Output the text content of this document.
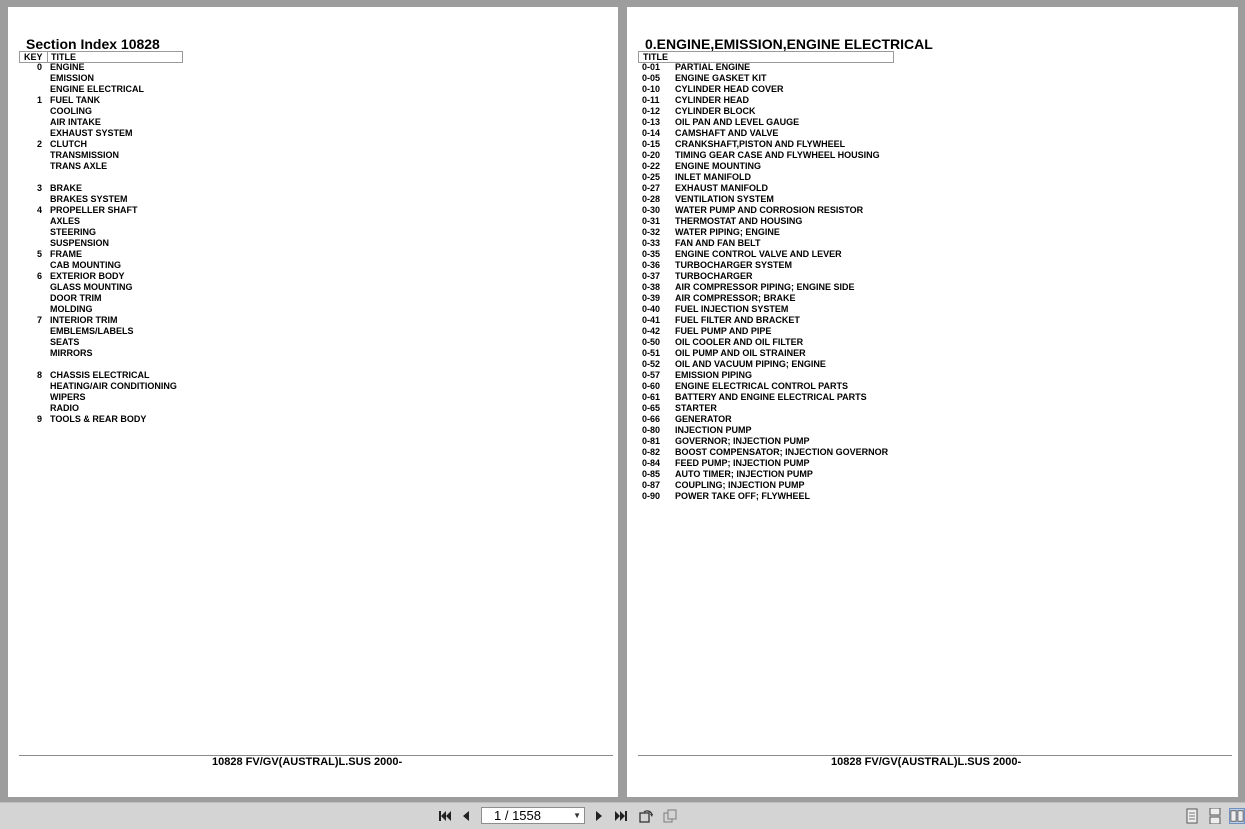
Section Index 10828
KEY TITLE
0 ENGINE
EMISSION
ENGINE ELECTRICAL
1 FUEL TANK
COOLING
AIR INTAKE
EXHAUST SYSTEM
2 CLUTCH
TRANSMISSION
TRANS AXLE
3 BRAKE
BRAKES SYSTEM
4 PROPELLER SHAFT
AXLES
STEERING
SUSPENSION
5 FRAME
CAB MOUNTING
6 EXTERIOR BODY
GLASS MOUNTING
DOOR TRIM
MOLDING
7 INTERIOR TRIM
EMBLEMS/LABELS
SEATS
MIRRORS
8 CHASSIS ELECTRICAL
HEATING/AIR CONDITIONING
WIPERS
RADIO
9 TOOLS & REAR BODY
10828 FV/GV(AUSTRAL)L.SUS 2000-
0.ENGINE,EMISSION,ENGINE ELECTRICAL
TITLE
0-01 PARTIAL ENGINE
0-05 ENGINE GASKET KIT
0-10 CYLINDER HEAD COVER
0-11 CYLINDER HEAD
0-12 CYLINDER BLOCK
0-13 OIL PAN AND LEVEL GAUGE
0-14 CAMSHAFT AND VALVE
0-15 CRANKSHAFT,PISTON AND FLYWHEEL
0-20 TIMING GEAR CASE AND FLYWHEEL HOUSING
0-22 ENGINE MOUNTING
0-25 INLET MANIFOLD
0-27 EXHAUST MANIFOLD
0-28 VENTILATION SYSTEM
0-30 WATER PUMP AND CORROSION RESISTOR
0-31 THERMOSTAT AND HOUSING
0-32 WATER PIPING; ENGINE
0-33 FAN AND FAN BELT
0-35 ENGINE CONTROL VALVE AND LEVER
0-36 TURBOCHARGER SYSTEM
0-37 TURBOCHARGER
0-38 AIR COMPRESSOR PIPING; ENGINE SIDE
0-39 AIR COMPRESSOR; BRAKE
0-40 FUEL INJECTION SYSTEM
0-41 FUEL FILTER AND BRACKET
0-42 FUEL PUMP AND PIPE
0-50 OIL COOLER AND OIL FILTER
0-51 OIL PUMP AND OIL STRAINER
0-52 OIL AND VACUUM PIPING; ENGINE
0-57 EMISSION PIPING
0-60 ENGINE ELECTRICAL CONTROL PARTS
0-61 BATTERY AND ENGINE ELECTRICAL PARTS
0-65 STARTER
0-66 GENERATOR
0-80 INJECTION PUMP
0-81 GOVERNOR; INJECTION PUMP
0-82 BOOST COMPENSATOR; INJECTION GOVERNOR
0-84 FEED PUMP; INJECTION PUMP
0-85 AUTO TIMER; INJECTION PUMP
0-87 COUPLING; INJECTION PUMP
0-90 POWER TAKE OFF; FLYWHEEL
10828 FV/GV(AUSTRAL)L.SUS 2000-
1 / 1558	▼
